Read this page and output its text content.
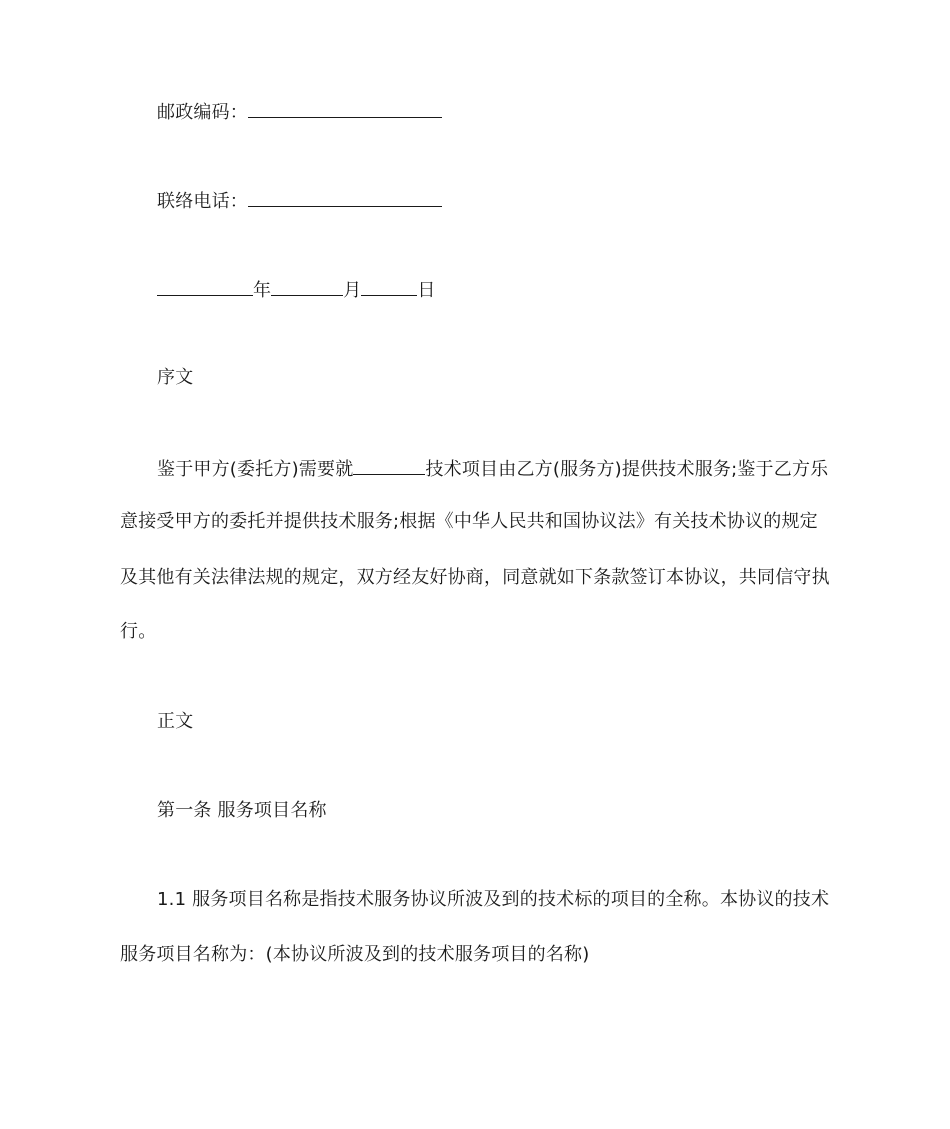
邮政编码：
联络电话：
年	月	日
序文
鉴于甲方(委托方)需要就	技术项目由乙方(服务方)提供技术服务;鉴于乙方乐
意接受甲方的委托并提供技术服务;根据《中华人民共和国协议法》有关技术协议的规定
及其他有关法律法规的规定，双方经友好协商，同意就如下条款签订本协议，共同信守执
行。
正文
第一条 服务项目名称
1.1 服务项目名称是指技术服务协议所波及到的技术标的项目的全称。本协议的技术
服务项目名称为：(本协议所波及到的技术服务项目的名称)
